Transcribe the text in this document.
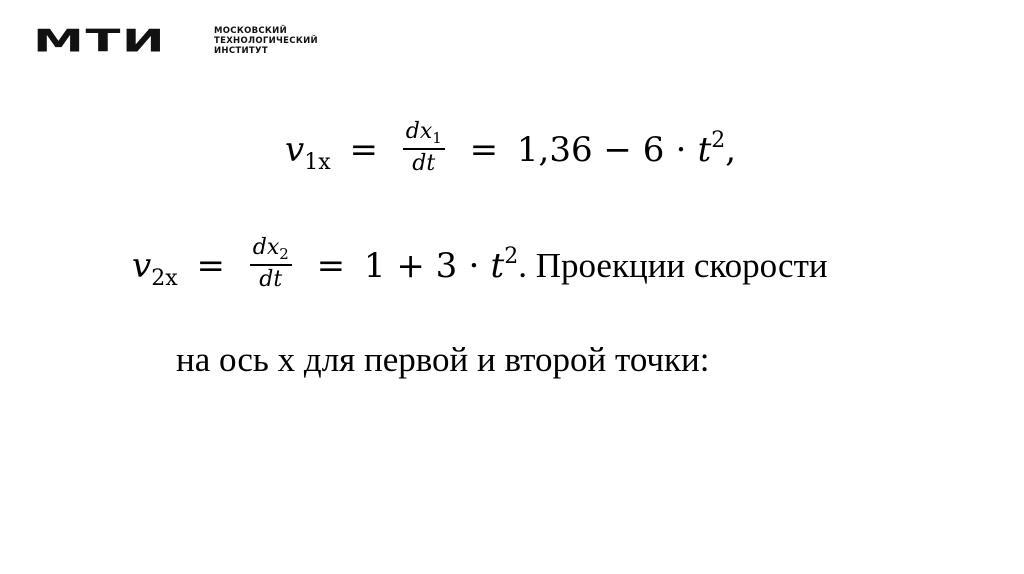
МТИ	МОСКОВСКИЙ
ТЕХНОЛОГИЧЕСКИЙ
ИНСТИТУТ
$v_{1x} = \frac{dx_1}{dt} = 1,36 - 6 \cdot t^2$,
$v_{2x} = \frac{dx_2}{dt} = 1 + 3 \cdot t^2$. Проекции скорости
на ось х для первой и второй точки:
